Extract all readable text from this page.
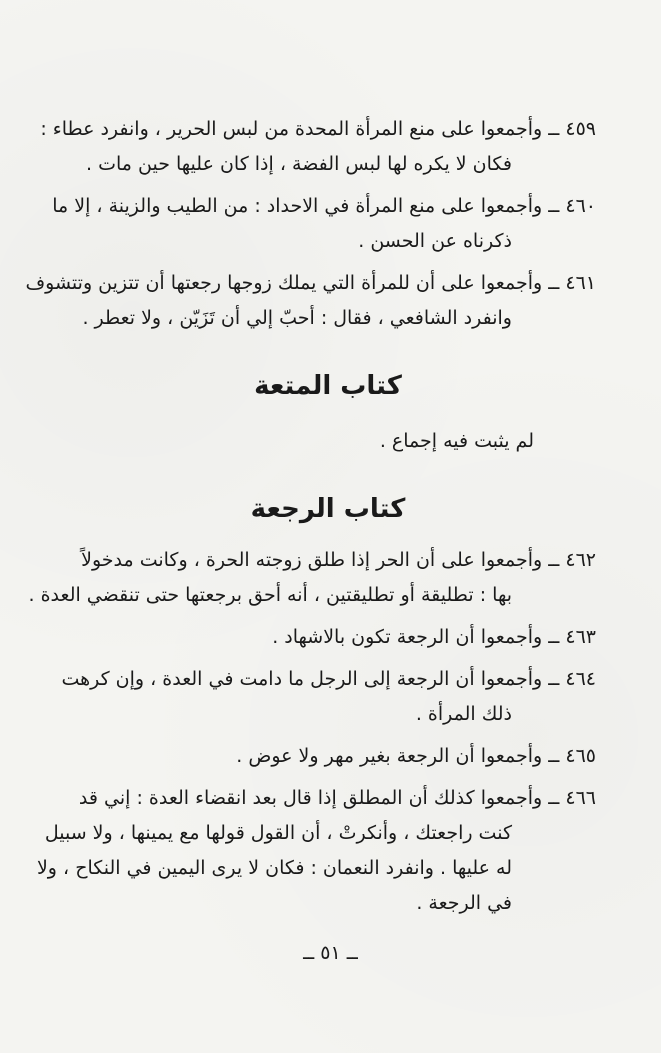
٤٥٩ ــ وأجمعوا على منع المرأة المحدة من لبس الحرير ، وانفرد عطاء :
فكان لا يكره لها لبس الفضة ، إذا كان عليها حين مات .
٤٦٠ ــ وأجمعوا على منع المرأة في الاحداد : من الطيب والزينة ، إلا ما
ذكرناه عن الحسن .
٤٦١ ــ وأجمعوا على أن للمرأة التي يملك زوجها رجعتها أن تتزين وتتشوف
وانفرد الشافعي ، فقال : أحبّ إلي أن تَزَيّن ، ولا تعطر .
كتاب المتعة
لم يثبت فيه إجماع .
كتاب الرجعة
٤٦٢ ــ وأجمعوا على أن الحر إذا طلق زوجته الحرة ، وكانت مدخولاً
بها : تطليقة أو تطليقتين ، أنه أحق برجعتها حتى تنقضي العدة .
٤٦٣ ــ وأجمعوا أن الرجعة تكون بالاشهاد .
٤٦٤ ــ وأجمعوا أن الرجعة إلى الرجل ما دامت في العدة ، وإن كرهت
ذلك المرأة .
٤٦٥ ــ وأجمعوا أن الرجعة بغير مهر ولا عوض .
٤٦٦ ــ وأجمعوا كذلك أن المطلق إذا قال بعد انقضاء العدة : إني قد
كنت راجعتك ، وأنكرتْ ، أن القول قولها مع يمينها ، ولا سبيل
له عليها . وانفرد النعمان : فكان لا يرى اليمين في النكاح ، ولا
في الرجعة .
ــ ٥١ ــ
